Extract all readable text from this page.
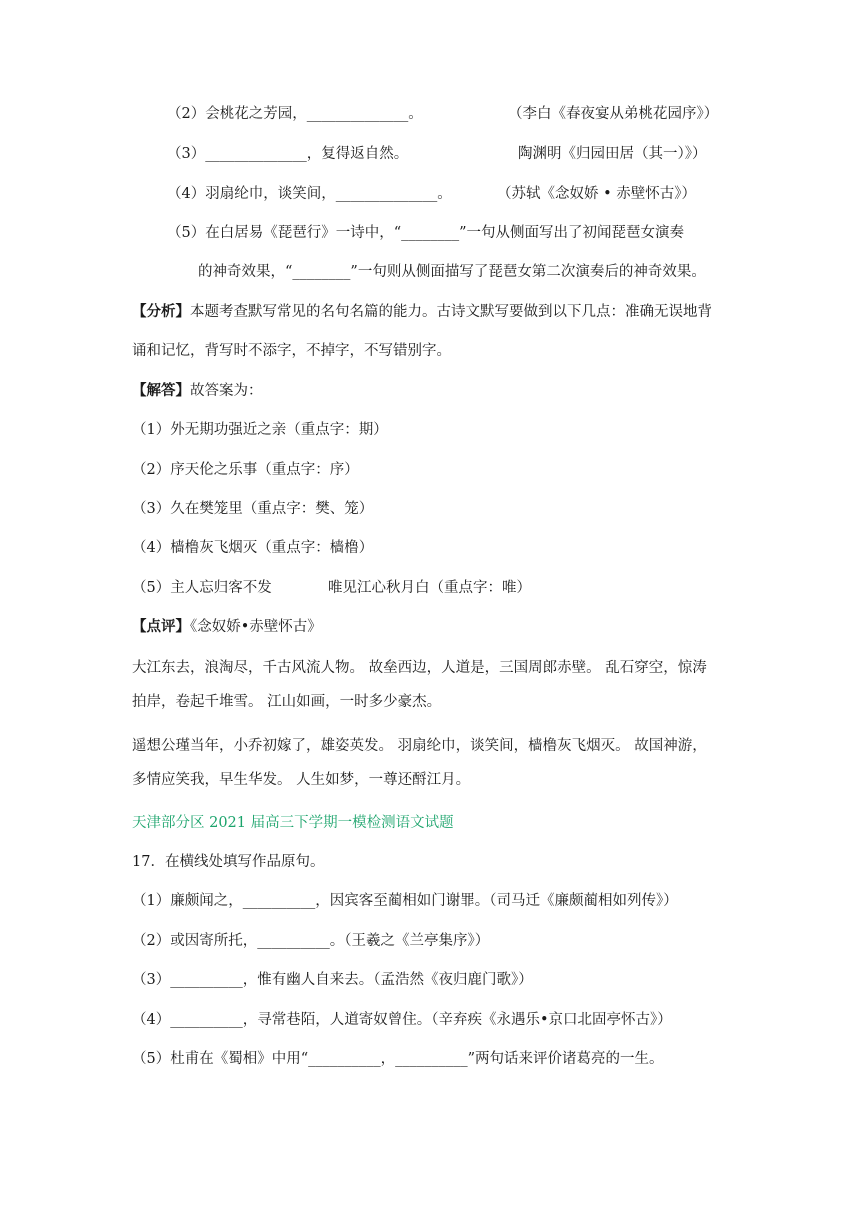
（2）会桃花之芳园，______________。	（李白《春夜宴从弟桃花园序》）
（3）______________，复得返自然。	陶渊明《归园田居（其一）》）
（4）羽扇纶巾，谈笑间，______________。	（苏轼《念奴娇 • 赤壁怀古》）
（5）在白居易《琵琶行》一诗中，“________”一句从侧面写出了初闻琵琶女演奏
的神奇效果，“________”一句则从侧面描写了琵琶女第二次演奏后的神奇效果。
【分析】本题考查默写常见的名句名篇的能力。古诗文默写要做到以下几点：准确无误地背
诵和记忆，背写时不添字，不掉字，不写错别字。
【解答】故答案为：
（1）外无期功强近之亲（重点字：期）
（2）序天伦之乐事（重点字：序）
（3）久在樊笼里（重点字：樊、笼）
（4）樯橹灰飞烟灭（重点字：樯橹）
（5）主人忘归客不发	唯见江心秋月白（重点字：唯）
【点评】《念奴娇•赤壁怀古》
大江东去，浪淘尽，千古风流人物。 故垒西边，人道是，三国周郎赤壁。 乱石穿空，惊涛
拍岸，卷起千堆雪。 江山如画，一时多少豪杰。
遥想公瑾当年，小乔初嫁了，雄姿英发。 羽扇纶巾，谈笑间，樯橹灰飞烟灭。 故国神游，
多情应笑我，早生华发。 人生如梦，一尊还酹江月。
天津部分区 2021 届高三下学期一模检测语文试题
17．在横线处填写作品原句。
（1）廉颇闻之，__________，因宾客至蔺相如门谢罪。（司马迁《廉颇蔺相如列传》）
（2）或因寄所托，__________。（王羲之《兰亭集序》）
（3）__________，惟有幽人自来去。（孟浩然《夜归鹿门歌》）
（4）__________，寻常巷陌，人道寄奴曾住。（辛弃疾《永遇乐•京口北固亭怀古》）
（5）杜甫在《蜀相》中用“__________，__________”两句话来评价诸葛亮的一生。
